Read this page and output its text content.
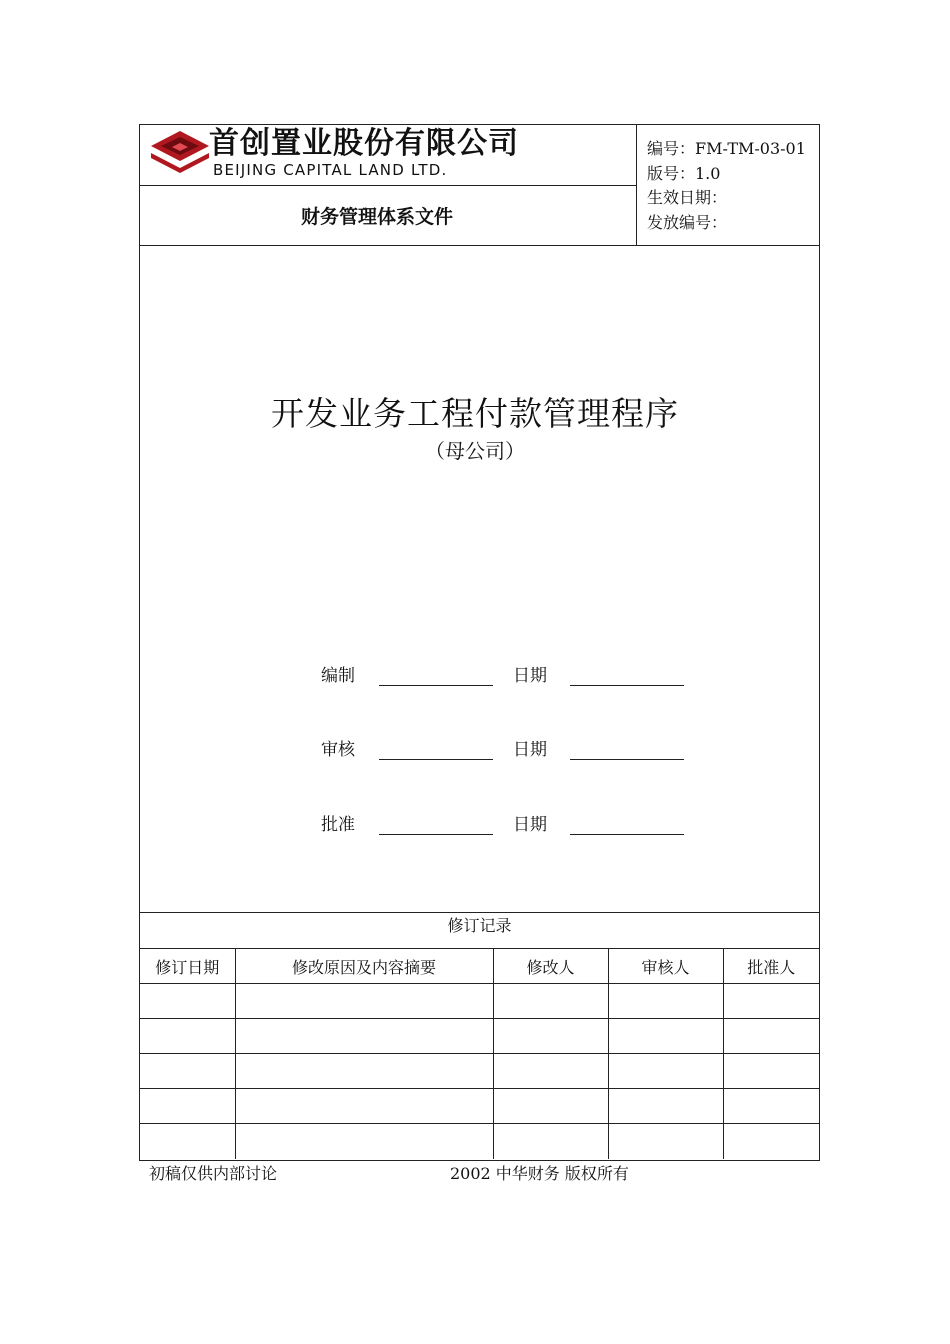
首创置业股份有限公司
BEIJING CAPITAL LAND LTD.
财务管理体系文件
编号：FM-TM-03-01
版号：1.0
生效日期：
发放编号：
修订记录
修订日期	修改原因及内容摘要	修改人	审核人	批准人

开发业务工程付款管理程序
（母公司）
编制	日期
审核	日期
批准	日期
初稿仅供内部讨论	2002 中华财务 版权所有
